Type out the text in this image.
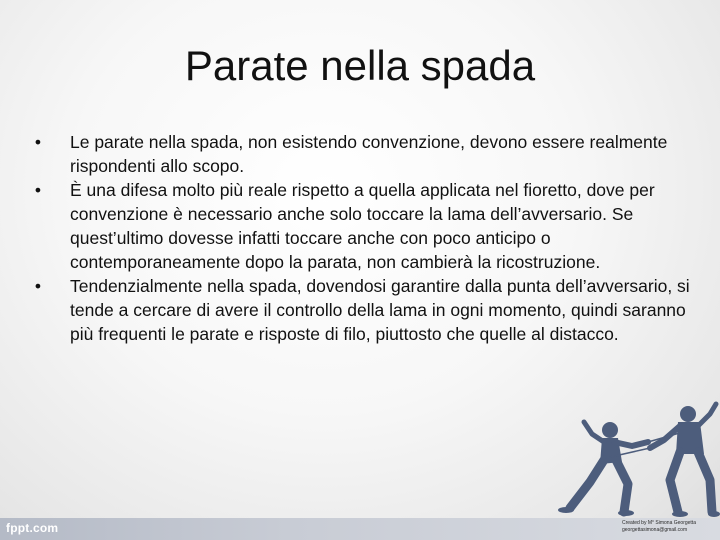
Parate nella spada
• Le parate nella spada, non esistendo convenzione, devono essere realmente rispondenti allo scopo.
• È una difesa molto più reale rispetto a quella applicata nel fioretto, dove per convenzione è necessario anche solo toccare la lama dell’avversario. Se quest’ultimo dovesse infatti toccare anche con poco anticipo o contemporaneamente dopo la parata, non cambierà la ricostruzione.
• Tendenzialmente nella spada, dovendosi garantire dalla punta dell’avversario, si tende a cercare di avere il controllo della lama in ogni momento, quindi saranno più frequenti le parate e risposte di filo, piuttosto che quelle al distacco.
fppt.com	Created by M° Simona Georgetta
georgettasimona@gmail.com
